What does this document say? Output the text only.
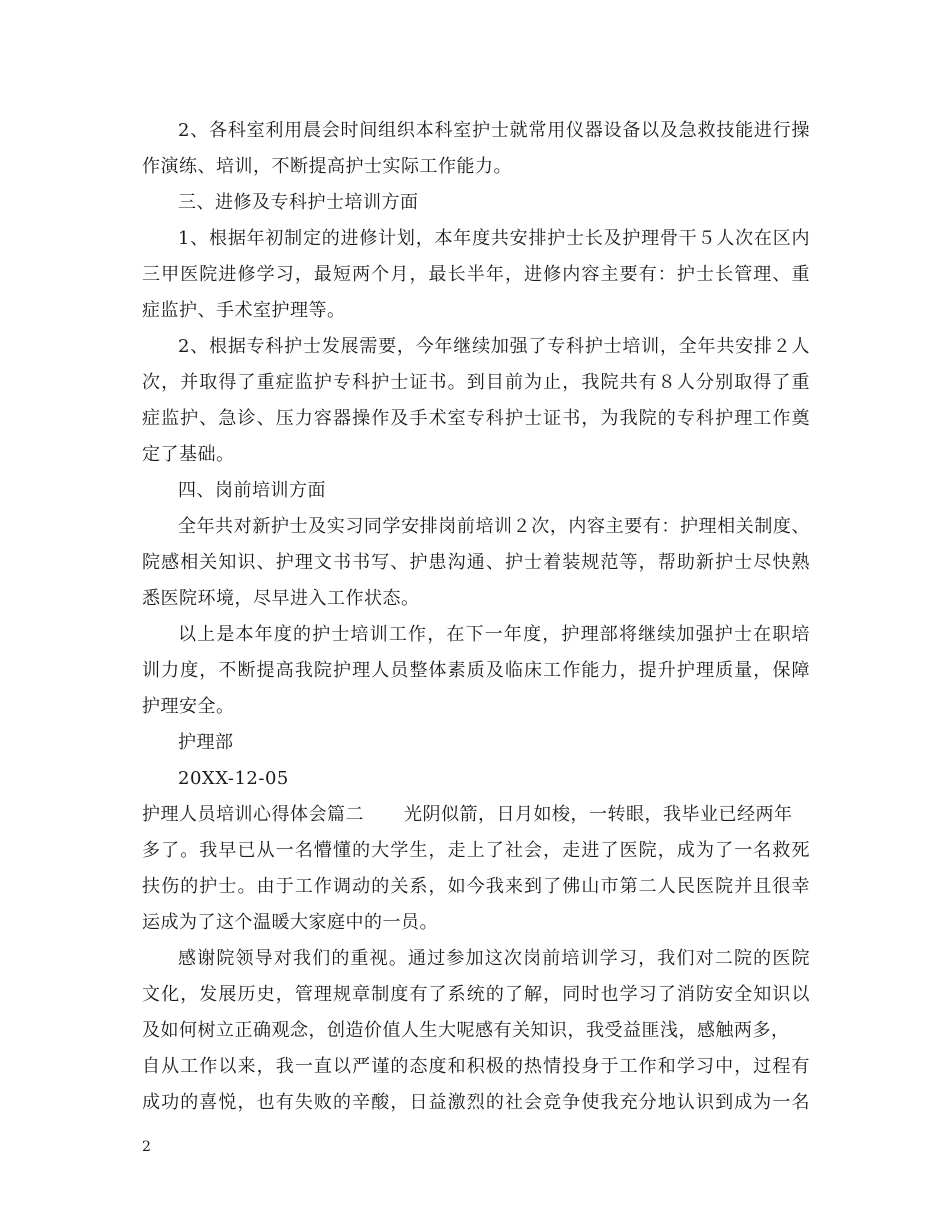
2、各科室利用晨会时间组织本科室护士就常用仪器设备以及急救技能进行操
作演练、培训，不断提高护士实际工作能力。
三、进修及专科护士培训方面
1、根据年初制定的进修计划，本年度共安排护士长及护理骨干５人次在区内
三甲医院进修学习，最短两个月，最长半年，进修内容主要有：护士长管理、重
症监护、手术室护理等。
2、根据专科护士发展需要，今年继续加强了专科护士培训，全年共安排２人
次，并取得了重症监护专科护士证书。到目前为止，我院共有８人分别取得了重
症监护、急诊、压力容器操作及手术室专科护士证书，为我院的专科护理工作奠
定了基础。
四、岗前培训方面
全年共对新护士及实习同学安排岗前培训２次，内容主要有：护理相关制度、
院感相关知识、护理文书书写、护患沟通、护士着装规范等，帮助新护士尽快熟
悉医院环境，尽早进入工作状态。
以上是本年度的护士培训工作，在下一年度，护理部将继续加强护士在职培
训力度，不断提高我院护理人员整体素质及临床工作能力，提升护理质量，保障
护理安全。
护理部
20XX-12-05
护理人员培训心得体会篇二 光阴似箭，日月如梭，一转眼，我毕业已经两年
多了。我早已从一名懵懂的大学生，走上了社会，走进了医院，成为了一名救死
扶伤的护士。由于工作调动的关系，如今我来到了佛山市第二人民医院并且很幸
运成为了这个温暖大家庭中的一员。
感谢院领导对我们的重视。通过参加这次岗前培训学习，我们对二院的医院
文化，发展历史，管理规章制度有了系统的了解，同时也学习了消防安全知识以
及如何树立正确观念，创造价值人生大呢感有关知识，我受益匪浅，感触两多，
自从工作以来，我一直以严谨的态度和积极的热情投身于工作和学习中，过程有
成功的喜悦，也有失败的辛酸，日益激烈的社会竞争使我充分地认识到成为一名
2
